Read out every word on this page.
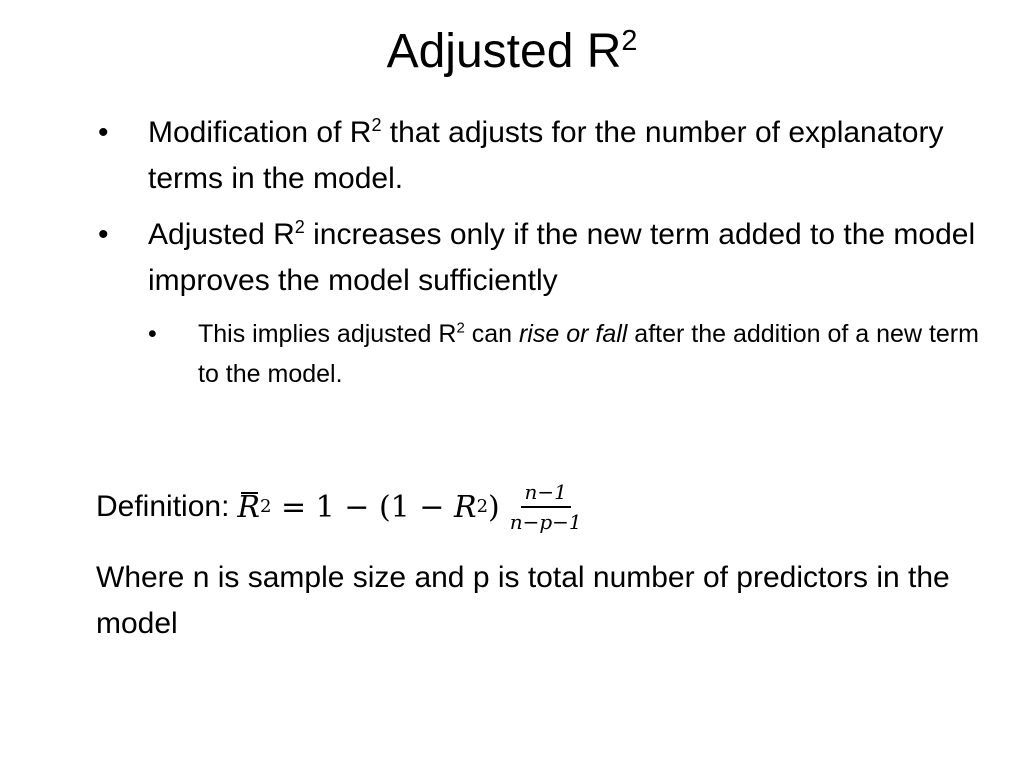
Adjusted $R^2$
• Modification of $R^2$ that adjusts for the number of explanatory terms in the model.
• Adjusted $R^2$ increases only if the new term added to the model improves the model sufficiently
• This implies adjusted $R^2$ can rise or fall after the addition of a new term to the model.
Definition: R 2 = 1 − (1 − R 2 ) $\frac{n-1}{n-p-1}$
Where n is sample size and p is total number of predictors in the model
